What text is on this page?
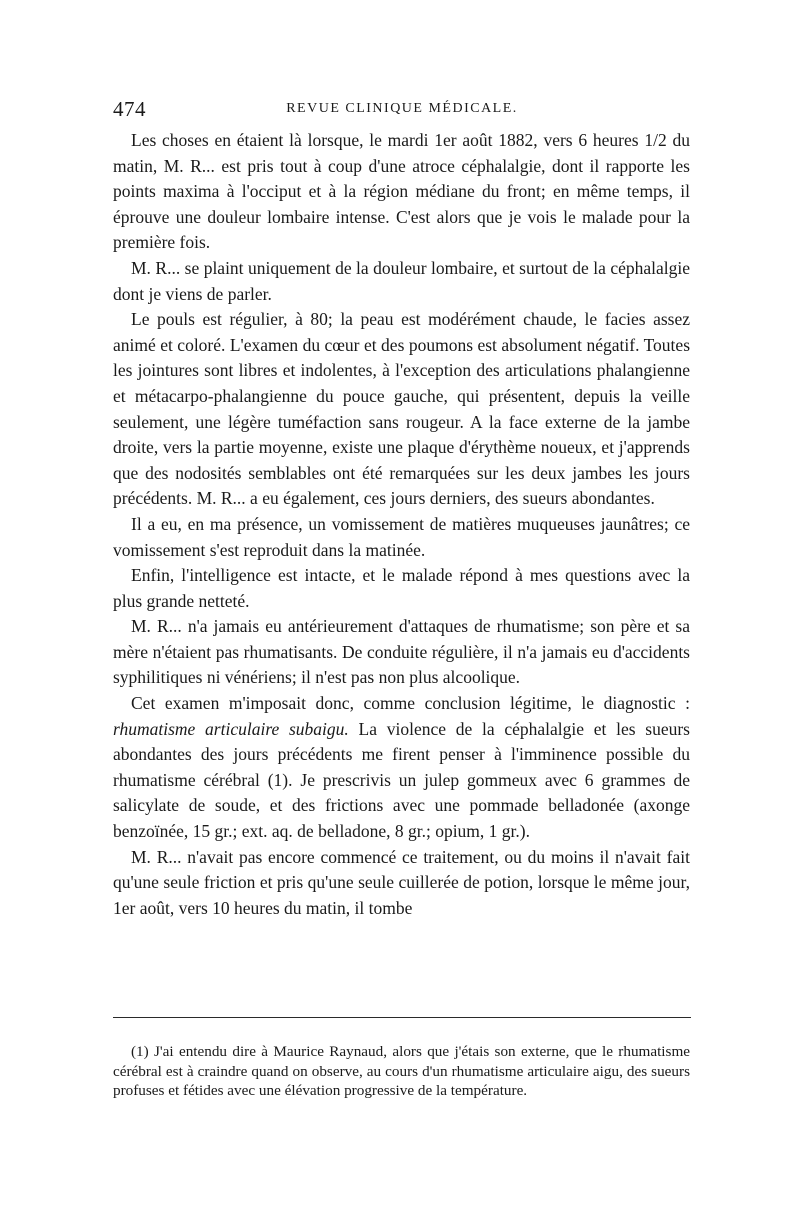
474	REVUE CLINIQUE MÉDICALE.

Les choses en étaient là lorsque, le mardi 1er août 1882, vers 6 heures 1/2 du matin, M. R... est pris tout à coup d'une atroce céphalalgie, dont il rapporte les points maxima à l'occiput et à la région médiane du front; en même temps, il éprouve une douleur lombaire intense. C'est alors que je vois le malade pour la première fois.

M. R... se plaint uniquement de la douleur lombaire, et surtout de la céphalalgie dont je viens de parler.

Le pouls est régulier, à 80; la peau est modérément chaude, le facies assez animé et coloré. L'examen du cœur et des poumons est absolument négatif. Toutes les jointures sont libres et indolentes, à l'exception des articulations phalangienne et métacarpo-phalangienne du pouce gauche, qui présentent, depuis la veille seulement, une légère tuméfaction sans rougeur. A la face externe de la jambe droite, vers la partie moyenne, existe une plaque d'érythème noueux, et j'apprends que des nodosités semblables ont été remarquées sur les deux jambes les jours précédents. M. R... a eu également, ces jours derniers, des sueurs abondantes.

Il a eu, en ma présence, un vomissement de matières muqueuses jaunâtres; ce vomissement s'est reproduit dans la matinée.

Enfin, l'intelligence est intacte, et le malade répond à mes questions avec la plus grande netteté.

M. R... n'a jamais eu antérieurement d'attaques de rhumatisme; son père et sa mère n'étaient pas rhumatisants. De conduite régulière, il n'a jamais eu d'accidents syphilitiques ni vénériens; il n'est pas non plus alcoolique.

Cet examen m'imposait donc, comme conclusion légitime, le diagnostic : rhumatisme articulaire subaigu. La violence de la céphalalgie et les sueurs abondantes des jours précédents me firent penser à l'imminence possible du rhumatisme cérébral (1). Je prescrivis un julep gommeux avec 6 grammes de salicylate de soude, et des frictions avec une pommade belladonée (axonge benzoïnée, 15 gr.; ext. aq. de belladone, 8 gr.; opium, 1 gr.).

M. R... n'avait pas encore commencé ce traitement, ou du moins il n'avait fait qu'une seule friction et pris qu'une seule cuillerée de potion, lorsque le même jour, 1er août, vers 10 heures du matin, il tombe

(1) J'ai entendu dire à Maurice Raynaud, alors que j'étais son externe, que le rhumatisme cérébral est à craindre quand on observe, au cours d'un rhumatisme articulaire aigu, des sueurs profuses et fétides avec une élévation progressive de la température.
